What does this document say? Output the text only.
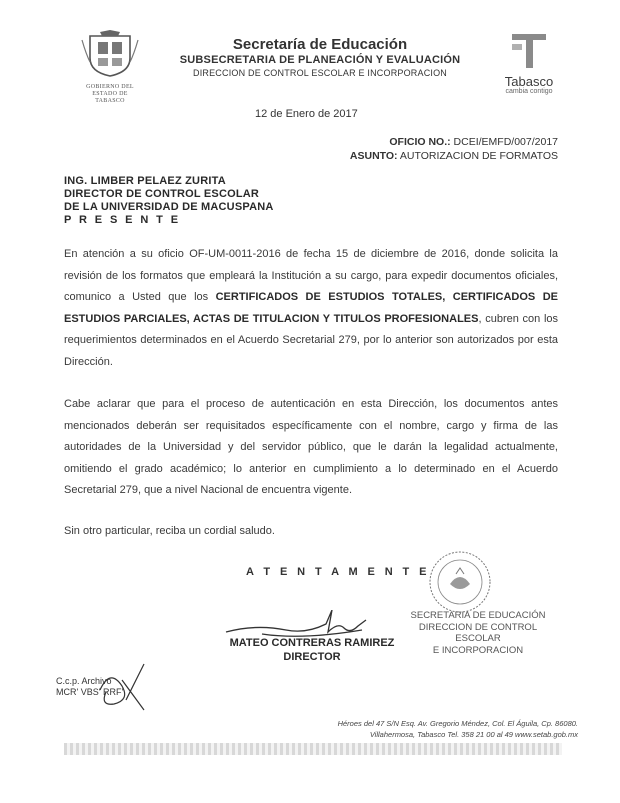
GOBIERNO DEL
ESTADO DE
TABASCO
Secretaría de Educación
SUBSECRETARIA DE PLANEACIÓN Y EVALUACIÓN
DIRECCION DE CONTROL ESCOLAR E INCORPORACION
Tabasco
cambia contigo
12 de Enero de 2017
OFICIO NO.: DCEI/EMFD/007/2017
ASUNTO: AUTORIZACION DE FORMATOS
ING. LIMBER PELAEZ ZURITA
DIRECTOR DE CONTROL ESCOLAR
DE LA UNIVERSIDAD DE MACUSPANA
P R E S E N T E
En atención a su oficio OF-UM-0011-2016 de fecha 15 de diciembre de 2016, donde solicita la revisión de los formatos que empleará la Institución a su cargo, para expedir documentos oficiales, comunico a Usted que los CERTIFICADOS DE ESTUDIOS TOTALES, CERTIFICADOS DE ESTUDIOS PARCIALES, ACTAS DE TITULACION Y TITULOS PROFESIONALES, cubren con los requerimientos determinados en el Acuerdo Secretarial 279, por lo anterior son autorizados por esta Dirección.
Cabe aclarar que para el proceso de autenticación en esta Dirección, los documentos antes mencionados deberán ser requisitados específicamente con el nombre, cargo y firma de las autoridades de la Universidad y del servidor público, que le darán la legalidad actualmente, omitiendo el grado académico; lo anterior en cumplimiento a lo determinado en el Acuerdo Secretarial 279, que a nivel Nacional de encuentra vigente.
Sin otro particular, reciba un cordial saludo.
A T E N T A M E N T E
MATEO CONTRERAS RAMIREZ
DIRECTOR
SECRETARIA DE EDUCACIÓN
DIRECCION DE CONTROL
ESCOLAR
E INCORPORACION
C.c.p. Archivo
MCR' VBS' RRF'
Héroes del 47 S/N Esq. Av. Gregorio Méndez, Col. El Águila, Cp. 86080.
Villahermosa, Tabasco Tel. 358 21 00 al 49 www.setab.gob.mx
